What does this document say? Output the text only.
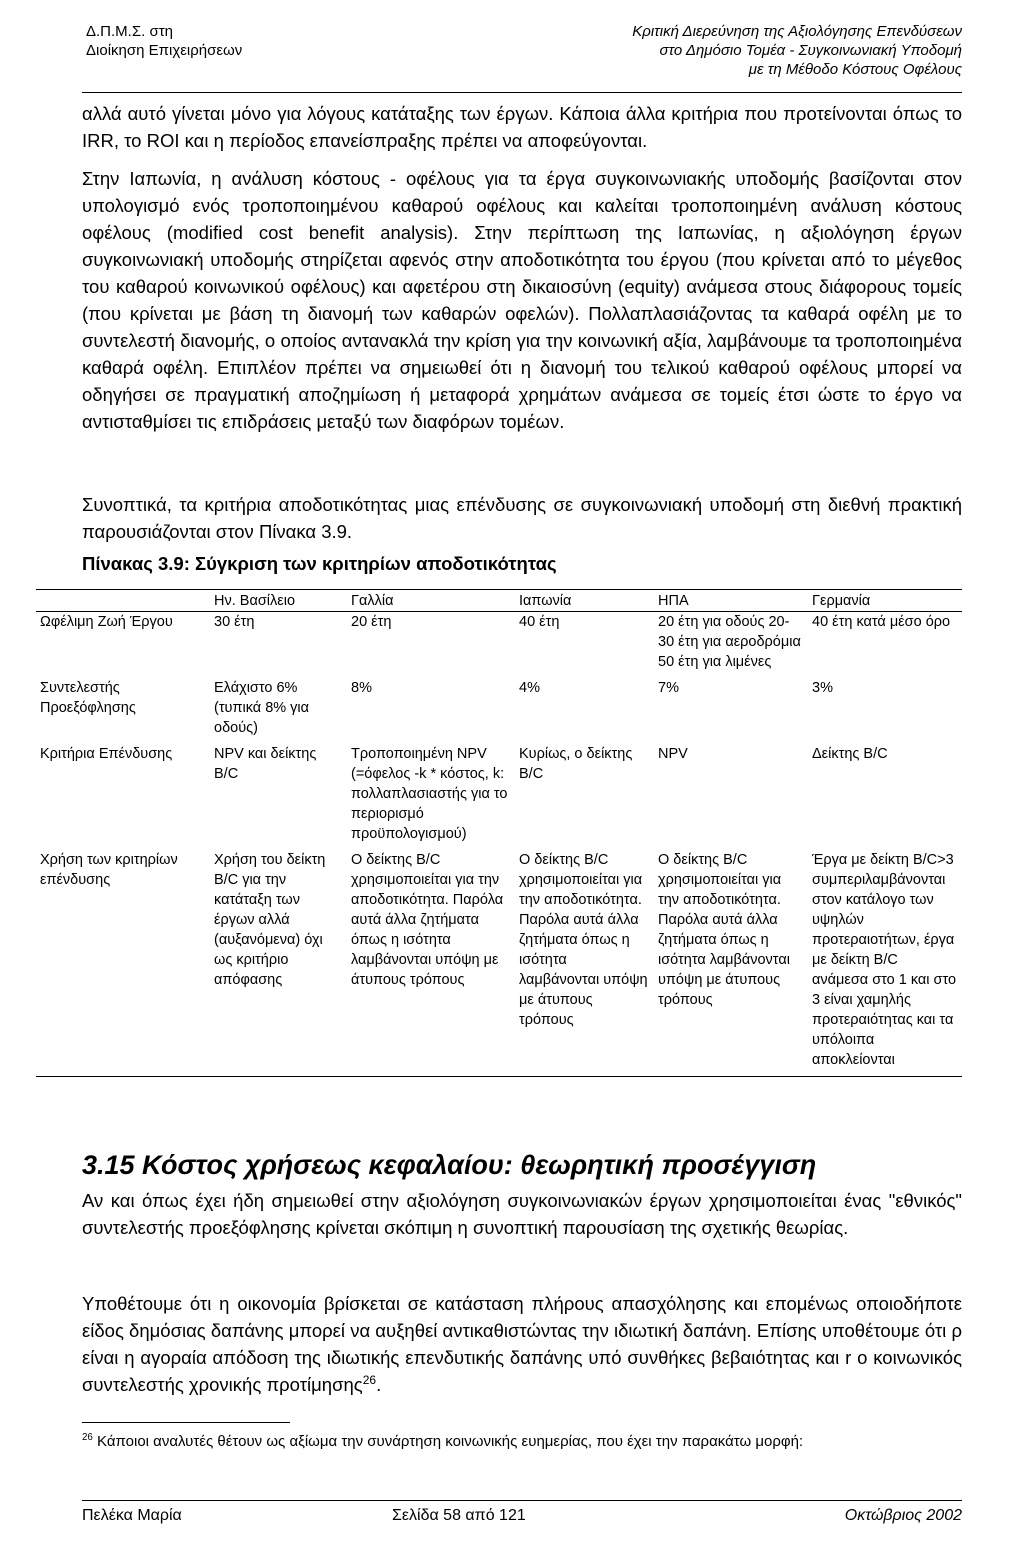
Δ.Π.Μ.Σ. στη
Διοίκηση Επιχειρήσεων
Κριτική Διερεύνηση της Αξιολόγησης Επενδύσεων
στο Δημόσιο Τομέα - Συγκοινωνιακή Υποδομή
με τη Μέθοδο Κόστους Οφέλους
αλλά αυτό γίνεται μόνο για λόγους κατάταξης των έργων. Κάποια άλλα κριτήρια που προτείνονται όπως το IRR, το ROI και η περίοδος επανείσπραξης πρέπει να αποφεύγονται.
Στην Ιαπωνία, η ανάλυση κόστους - οφέλους για τα έργα συγκοινωνιακής υποδομής βασίζονται στον υπολογισμό ενός τροποποιημένου καθαρού οφέλους και καλείται τροποποιημένη ανάλυση κόστους οφέλους (modified cost benefit analysis). Στην περίπτωση της Ιαπωνίας, η αξιολόγηση έργων συγκοινωνιακή υποδομής στηρίζεται αφενός στην αποδοτικότητα του έργου (που κρίνεται από το μέγεθος του καθαρού κοινωνικού οφέλους) και αφετέρου στη δικαιοσύνη (equity) ανάμεσα στους διάφορους τομείς (που κρίνεται με βάση τη διανομή των καθαρών οφελών). Πολλαπλασιάζοντας τα καθαρά οφέλη με το συντελεστή διανομής, ο οποίος αντανακλά την κρίση για την κοινωνική αξία, λαμβάνουμε τα τροποποιημένα καθαρά οφέλη. Επιπλέον πρέπει να σημειωθεί ότι η διανομή του τελικού καθαρού οφέλους μπορεί να οδηγήσει σε πραγματική αποζημίωση ή μεταφορά χρημάτων ανάμεσα σε τομείς έτσι ώστε το έργο να αντισταθμίσει τις επιδράσεις μεταξύ των διαφόρων τομέων.
Συνοπτικά, τα κριτήρια αποδοτικότητας μιας επένδυσης σε συγκοινωνιακή υποδομή στη διεθνή πρακτική παρουσιάζονται στον Πίνακα 3.9.
Πίνακας 3.9: Σύγκριση των κριτηρίων αποδοτικότητας
	Ην. Βασίλειο	Γαλλία	Ιαπωνία	ΗΠΑ	Γερμανία
Ωφέλιμη Ζωή Έργου	30 έτη	20 έτη	40 έτη	20 έτη για οδούς 20-30 έτη για αεροδρόμια 50 έτη για λιμένες	40 έτη κατά μέσο όρο
Συντελεστής Προεξόφλησης	Ελάχιστο 6% (τυπικά 8% για οδούς)	8%	4%	7%	3%
Κριτήρια Επένδυσης	NPV και δείκτης B/C	Τροποποιημένη NPV (=όφελος -k * κόστος, k: πολλαπλασιαστής για το περιορισμό προϋπολογισμού)	Κυρίως, ο δείκτης B/C	NPV	Δείκτης B/C
Χρήση των κριτηρίων επένδυσης	Χρήση του δείκτη B/C για την κατάταξη των έργων αλλά (αυξανόμενα) όχι ως κριτήριο απόφασης	Ο δείκτης B/C χρησιμοποιείται για την αποδοτικότητα. Παρόλα αυτά άλλα ζητήματα όπως η ισότητα λαμβάνονται υπόψη με άτυπους τρόπους	Ο δείκτης B/C χρησιμοποιείται για την αποδοτικότητα. Παρόλα αυτά άλλα ζητήματα όπως η ισότητα λαμβάνονται υπόψη με άτυπους τρόπους	Ο δείκτης B/C χρησιμοποιείται για την αποδοτικότητα. Παρόλα αυτά άλλα ζητήματα όπως η ισότητα λαμβάνονται υπόψη με άτυπους τρόπους	Έργα με δείκτη B/C>3 συμπεριλαμβάνονται στον κατάλογο των υψηλών προτεραιοτήτων, έργα με δείκτη B/C ανάμεσα στο 1 και στο 3 είναι χαμηλής προτεραιότητας και τα υπόλοιπα αποκλείονται
3.15 Κόστος χρήσεως κεφαλαίου: θεωρητική προσέγγιση
Αν και όπως έχει ήδη σημειωθεί στην αξιολόγηση συγκοινωνιακών έργων χρησιμοποιείται ένας "εθνικός" συντελεστής προεξόφλησης κρίνεται σκόπιμη η συνοπτική παρουσίαση της σχετικής θεωρίας.
Υποθέτουμε ότι η οικονομία βρίσκεται σε κατάσταση πλήρους απασχόλησης και επομένως οποιοδήποτε είδος δημόσιας δαπάνης μπορεί να αυξηθεί αντικαθιστώντας την ιδιωτική δαπάνη. Επίσης υποθέτουμε ότι ρ είναι η αγοραία απόδοση της ιδιωτικής επενδυτικής δαπάνης υπό συνθήκες βεβαιότητας και r ο κοινωνικός συντελεστής χρονικής προτίμησης$^{26}$.
$^{26}$ Κάποιοι αναλυτές θέτουν ως αξίωμα την συνάρτηση κοινωνικής ευημερίας, που έχει την παρακάτω μορφή:
Πελέκα Μαρία	Σελίδα 58 από 121	Οκτώβριος 2002
